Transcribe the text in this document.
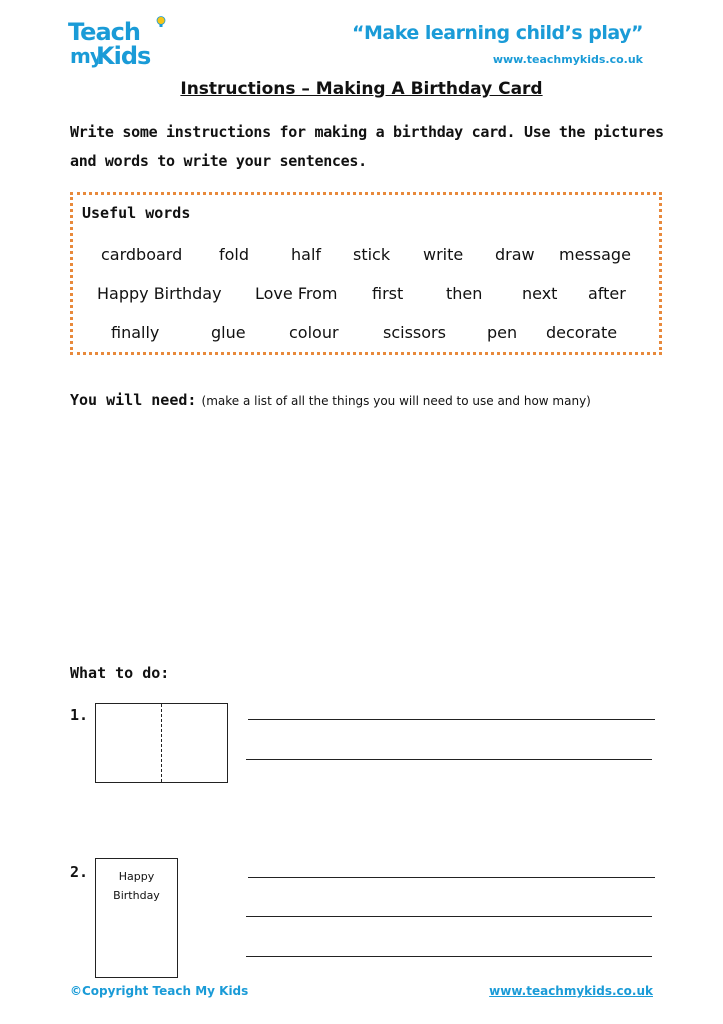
Teach
my
Kids
“Make learning child’s play”
www.teachmykids.co.uk
Instructions – Making A Birthday Card
Write some instructions for making a birthday card. Use the pictures
and words to write your sentences.
Useful words
cardboard fold	half stick write draw message
Happy Birthday Love From first	then next after
finally	glue	colour	scissors	pen decorate
You will need: (make a list of all the things you will need to use and how many)
What to do:
1.
2.	Happy
Birthday
©Copyright Teach My Kids	www.teachmykids.co.uk
